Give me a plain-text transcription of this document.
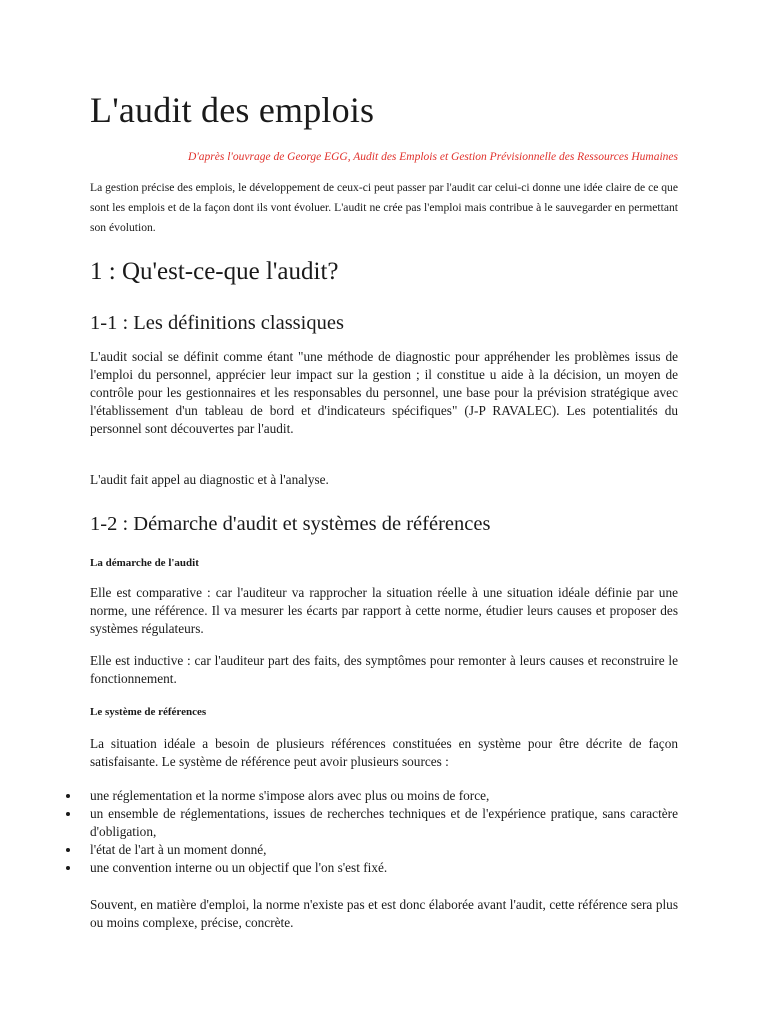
L'audit des emplois

D'après l'ouvrage de George EGG, Audit des Emplois et Gestion Prévisionnelle des Ressources Humaines

La gestion précise des emplois, le développement de ceux-ci peut passer par l'audit car celui-ci donne une idée claire de ce que sont les emplois et de la façon dont ils vont évoluer. L'audit ne crée pas l'emploi mais contribue à le sauvegarder en permettant son évolution.

1 : Qu'est-ce-que l'audit?
1-1 : Les définitions classiques

L'audit social se définit comme étant "une méthode de diagnostic pour appréhender les problèmes issus de l'emploi du personnel, apprécier leur impact sur la gestion ; il constitue u aide à la décision, un moyen de contrôle pour les gestionnaires et les responsables du personnel, une base pour la prévision stratégique avec l'établissement d'un tableau de bord et d'indicateurs spécifiques" (J-P RAVALEC). Les potentialités du personnel sont découvertes par l'audit.

L'audit fait appel au diagnostic et à l'analyse.

1-2 : Démarche d'audit et systèmes de références

La démarche de l'audit

Elle est comparative : car l'auditeur va rapprocher la situation réelle à une situation idéale définie par une norme, une référence. Il va mesurer les écarts par rapport à cette norme, étudier leurs causes et proposer des systèmes régulateurs.

Elle est inductive : car l'auditeur part des faits, des symptômes pour remonter à leurs causes et reconstruire le fonctionnement.

Le système de références

La situation idéale a besoin de plusieurs références constituées en système pour être décrite de façon satisfaisante. Le système de référence peut avoir plusieurs sources :

une réglementation et la norme s'impose alors avec plus ou moins de force,
un ensemble de réglementations, issues de recherches techniques et de l'expérience pratique, sans caractère d'obligation,
l'état de l'art à un moment donné,
une convention interne ou un objectif que l'on s'est fixé.

Souvent, en matière d'emploi, la norme n'existe pas et est donc élaborée avant l'audit, cette référence sera plus ou moins complexe, précise, concrète.
